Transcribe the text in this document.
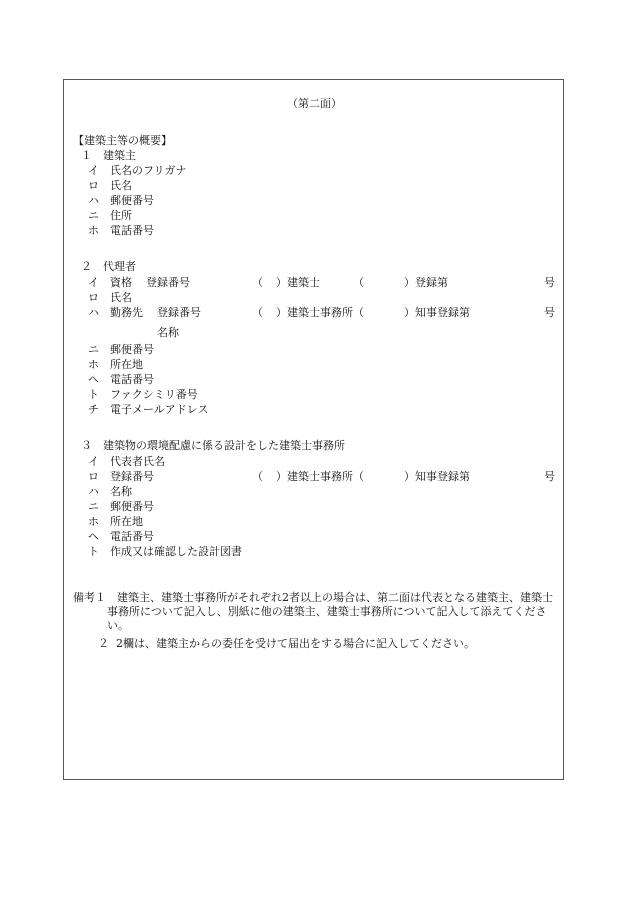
（第二面）
【建築主等の概要】
１　建築主
イ 氏名のフリガナ
ロ 氏名
ハ 郵便番号
ニ 住所
ホ 電話番号
２　代理者
イ 資格 登録番号	（ ）建築士	（	）登録第	号
ロ 氏名
ハ 勤務先 登録番号	（ ）建築士事務所（	）知事登録第	号
名称
ニ 郵便番号
ホ 所在地
ヘ 電話番号
ト ファクシミリ番号
チ 電子メールアドレス
３　建築物の環境配慮に係る設計をした建築士事務所
イ 代表者氏名
ロ 登録番号	（ ）建築士事務所（	）知事登録第	号
ハ 名称
ニ 郵便番号
ホ 所在地
ヘ 電話番号
ト 作成又は確認した設計図書
備考１	建築主、建築士事務所がそれぞれ2者以上の場合は、第二面は代表となる建築主、建築士事務所について記入し、別紙に他の建築主、建築士事務所について記入して添えてください。
２ 2欄は、建築主からの委任を受けて届出をする場合に記入してください。
